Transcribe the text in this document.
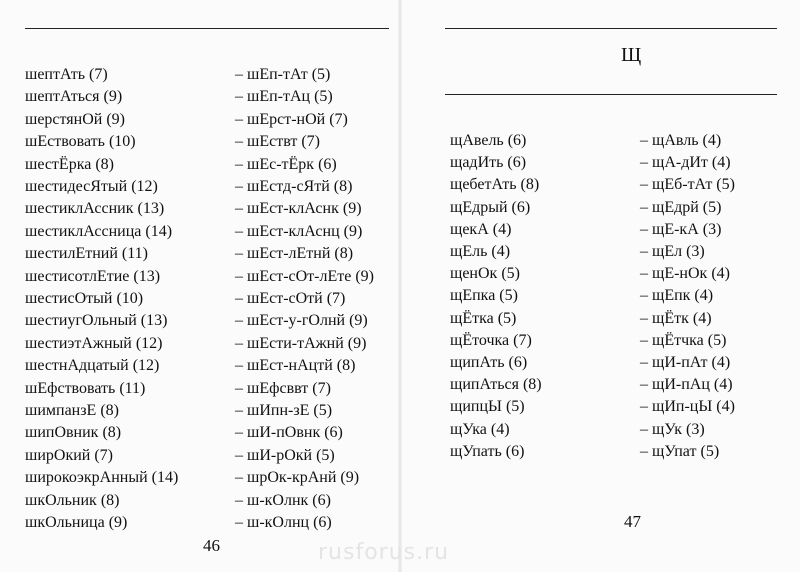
шептАть (7)	– шЕп-тАт (5)
шептАться (9)	– шЕп-тАц (5)
шерстянОй (9)	– шЕрст-нОй (7)
шЕствовать (10)	– шЕствт (7)
шестЁрка (8)	– шЕс-тЁрк (6)
шестидесЯтый (12)	– шЕстд-сЯтй (8)
шестиклАссник (13)	– шЕст-клАснк (9)
шестиклАссница (14)	– шЕст-клАснц (9)
шестилЕтний (11)	– шЕст-лЕтнй (8)
шестисотлЕтие (13)	– шЕст-сОт-лЕте (9)
шестисОтый (10)	– шЕст-сОтй (7)
шестиугОльный (13)	– шЕст-у-гОлнй (9)
шестиэтАжный (12)	– шЕсти-тАжнй (9)
шестнАдцатый (12)	– шЕст-нАцтй (8)
шЕфствовать (11)	– шЕфсввт (7)
шимпанзЕ (8)	– шИпн-зЕ (5)
шипОвник (8)	– шИ-пОвнк (6)
ширОкий (7)	– шИ-рОкй (5)
широкоэкрАнный (14)	– шрОк-крАнй (9)
шкОльник (8)	– ш-кОлнк (6)
шкОльница (9)	– ш-кОлнц (6)
46
Щ
щАвель (6)	– щАвль (4)
щадИть (6)	– щА-дИт (4)
щебетАть (8)	– щЕб-тАт (5)
щЕдрый (6)	– щЕдрй (5)
щекА (4)	– щЕ-кА (3)
щЕль (4)	– щЕл (3)
щенОк (5)	– щЕ-нОк (4)
щЕпка (5)	– щЕпк (4)
щЁтка (5)	– щЁтк (4)
щЁточка (7)	– щЁтчка (5)
щипАть (6)	– щИ-пАт (4)
щипАться (8)	– щИ-пАц (4)
щипцЫ (5)	– щИп-цЫ (4)
щУка (4)	– щУк (3)
щУпать (6)	– щУпат (5)
47
rusforus.ru
